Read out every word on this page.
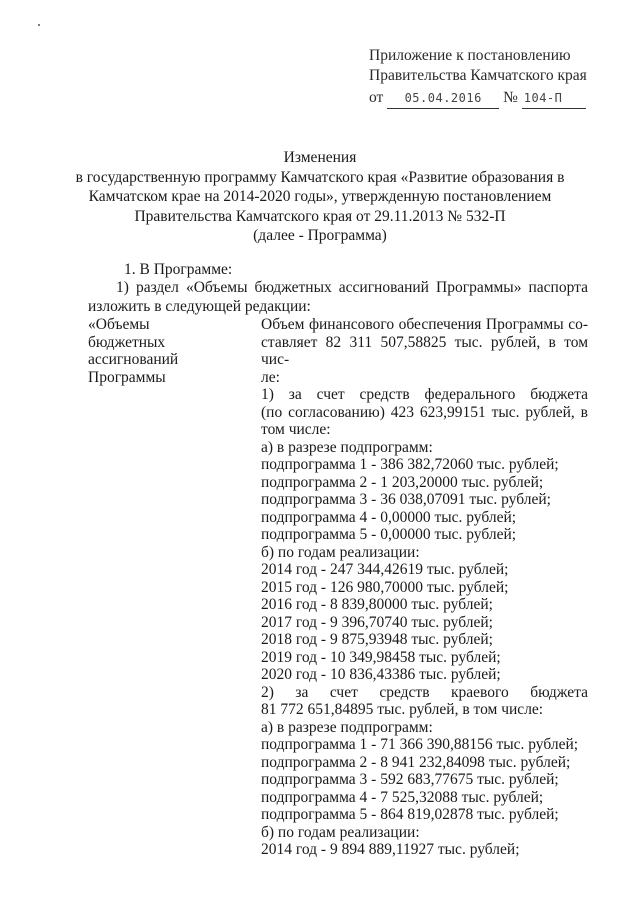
Приложение к постановлению
Правительства Камчатского края
от 05.04.2016 № 104-П
Изменения
в государственную программу Камчатского края «Развитие образования в
Камчатском крае на 2014-2020 годы», утвержденную постановлением
Правительства Камчатского края от 29.11.2013 № 532-П
(далее - Программа)
1. В Программе:
1) раздел «Объемы бюджетных ассигнований Программы» паспорта изложить в следующей редакции:
«Объемы
бюджетных
ассигнований
Программы
Объем финансового обеспечения Программы со-
ставляет 82 311 507,58825 тыс. рублей, в том чис-
ле:
1) за счет средств федерального бюджета
(по согласованию) 423 623,99151 тыс. рублей, в
том числе:
а) в разрезе подпрограмм:
подпрограмма 1 - 386 382,72060 тыс. рублей;
подпрограмма 2 - 1 203,20000 тыс. рублей;
подпрограмма 3 - 36 038,07091 тыс. рублей;
подпрограмма 4 - 0,00000 тыс. рублей;
подпрограмма 5 - 0,00000 тыс. рублей;
б) по годам реализации:
2014 год - 247 344,42619 тыс. рублей;
2015 год - 126 980,70000 тыс. рублей;
2016 год - 8 839,80000 тыс. рублей;
2017 год - 9 396,70740 тыс. рублей;
2018 год - 9 875,93948 тыс. рублей;
2019 год - 10 349,98458 тыс. рублей;
2020 год - 10 836,43386 тыс. рублей;
2) за счет средств краевого бюджета
81 772 651,84895 тыс. рублей, в том числе:
а) в разрезе подпрограмм:
подпрограмма 1 - 71 366 390,88156 тыс. рублей;
подпрограмма 2 - 8 941 232,84098 тыс. рублей;
подпрограмма 3 - 592 683,77675 тыс. рублей;
подпрограмма 4 - 7 525,32088 тыс. рублей;
подпрограмма 5 - 864 819,02878 тыс. рублей;
б) по годам реализации:
2014 год - 9 894 889,11927 тыс. рублей;
